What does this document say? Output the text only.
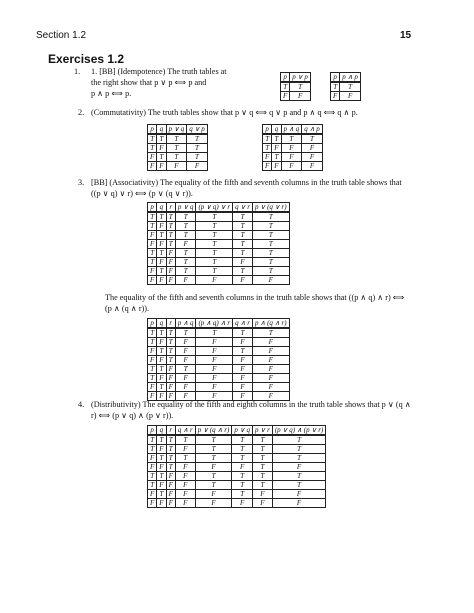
Section 1.2	15
Exercises 1.2
1. 1. [BB] (Idempotence) The truth tables at
the right show that p ∨ p ⟺ p and
p ∧ p ⟺ p.
p	p ∨ p
T	T
F	F
p	p ∧ p
T	T
F	F
2. (Commutativity) The truth tables show that p ∨ q ⟺ q ∨ p and p ∧ q ⟺ q ∧ p.
p	q	p ∨ q	q ∨ p
T	T	T	T
T	F	T	T
F	T	T	T
F	F	F	F
p	q	p ∧ q	q ∧ p
T	T	T	T
T	F	F	F
F	T	F	F
F	F	F	F
3. [BB] (Associativity) The equality of the fifth and seventh columns in the truth table shows that
((p ∨ q) ∨ r) ⟺ (p ∨ (q ∨ r)).
p	q	r	p ∨ q	(p ∨ q) ∨ r	q ∨ r	p ∨ (q ∨ r)
T	T	T	T	T	T	T
T	F	T	T	T	T	T
F	T	T	T	T	T	T
F	F	T	F	T	T	T
T	T	F	T	T	T	T
T	F	F	T	T	F	T
F	T	F	T	T	T	T
F	F	F	F	F	F	F
The equality of the fifth and seventh columns in the truth table shows that ((p ∧ q) ∧ r) ⟺
(p ∧ (q ∧ r)).
p	q	r	p ∧ q	(p ∧ q) ∧ r	q ∧ r	p ∧ (q ∧ r)
T	T	T	T	T	T	T
T	F	T	F	F	F	F
F	T	T	F	F	T	F
F	F	T	F	F	F	F
T	T	F	T	F	F	F
T	F	F	F	F	F	F
F	T	F	F	F	F	F
F	F	F	F	F	F	F
4. (Distributivity) The equality of the fifth and eighth columns in the truth table shows that p ∨ (q ∧
r) ⟺ (p ∨ q) ∧ (p ∨ r)).
p	q	r	q ∧ r	p ∨ (q ∧ r)	p ∨ q	p ∨ r	(p ∨ q) ∧ (p ∨ r)
T	T	T	T	T	T	T	T
T	F	T	F	T	T	T	T
F	T	T	T	T	T	T	T
F	F	T	F	F	F	T	F
T	T	F	F	T	T	T	T
T	F	F	F	T	T	T	T
F	T	F	F	F	T	F	F
F	F	F	F	F	F	F	F
